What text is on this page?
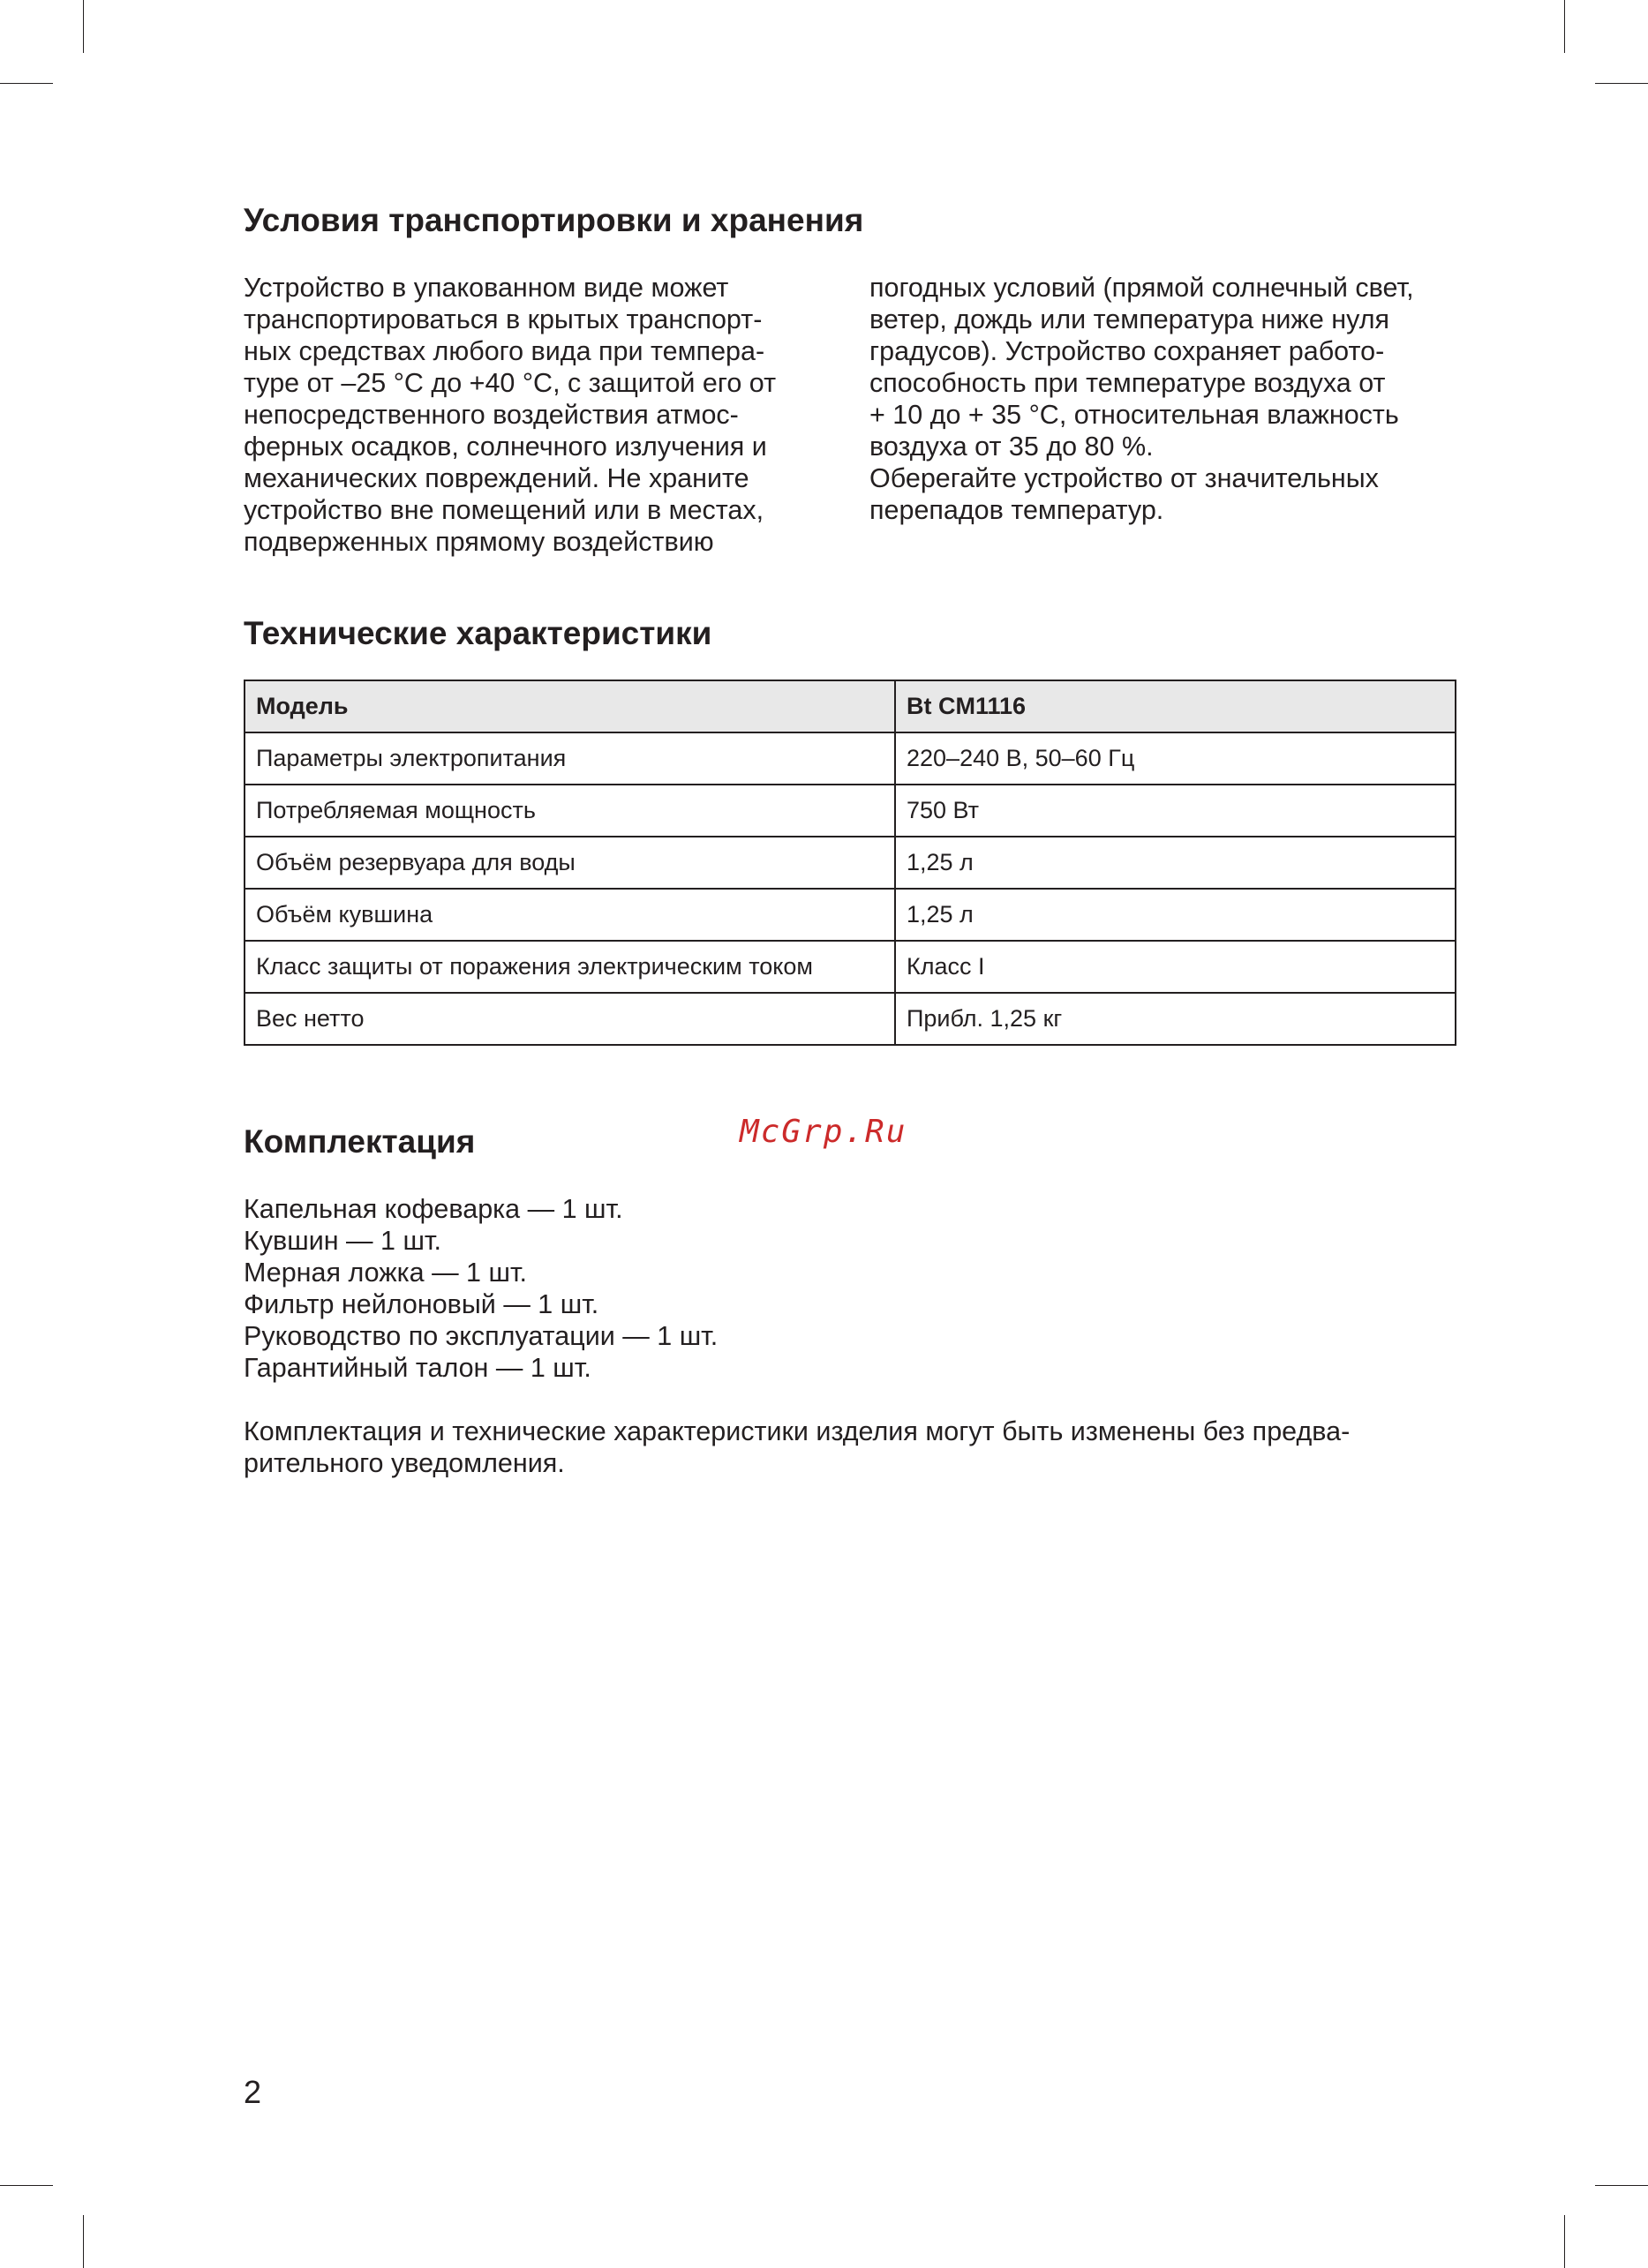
Условия транспортировки и хранения
Устройство в упакованном виде может
транспортироваться в крытых транспорт-
ных средствах любого вида при темпера-
туре от –25 °C до +40 °C, с защитой его от
непосредственного воздействия атмос-
ферных осадков, солнечного излучения и
механических повреждений. Не храните
устройство вне помещений или в местах,
подверженных прямому воздействию
погодных условий (прямой солнечный свет,
ветер, дождь или температура ниже нуля
градусов). Устройство сохраняет работо-
способность при температуре воздуха от
+ 10 до + 35 °C, относительная влажность
воздуха от 35 до 80 %.
Оберегайте устройство от значительных
перепадов температур.
Технические характеристики
Модель	Bt CM1116
Параметры электропитания	220–240 В, 50–60 Гц
Потребляемая мощность	750 Вт
Объём резервуара для воды	1,25 л
Объём кувшина	1,25 л
Класс защиты от поражения электрическим током	Класс I
Вес нетто	Прибл. 1,25 кг
Комплектация	McGrp.Ru
Капельная кофеварка — 1 шт.
Кувшин — 1 шт.
Мерная ложка — 1 шт.
Фильтр нейлоновый — 1 шт.
Руководство по эксплуатации — 1 шт.
Гарантийный талон — 1 шт.

Комплектация и технические характеристики изделия могут быть изменены без предва-
рительного уведомления.

2
